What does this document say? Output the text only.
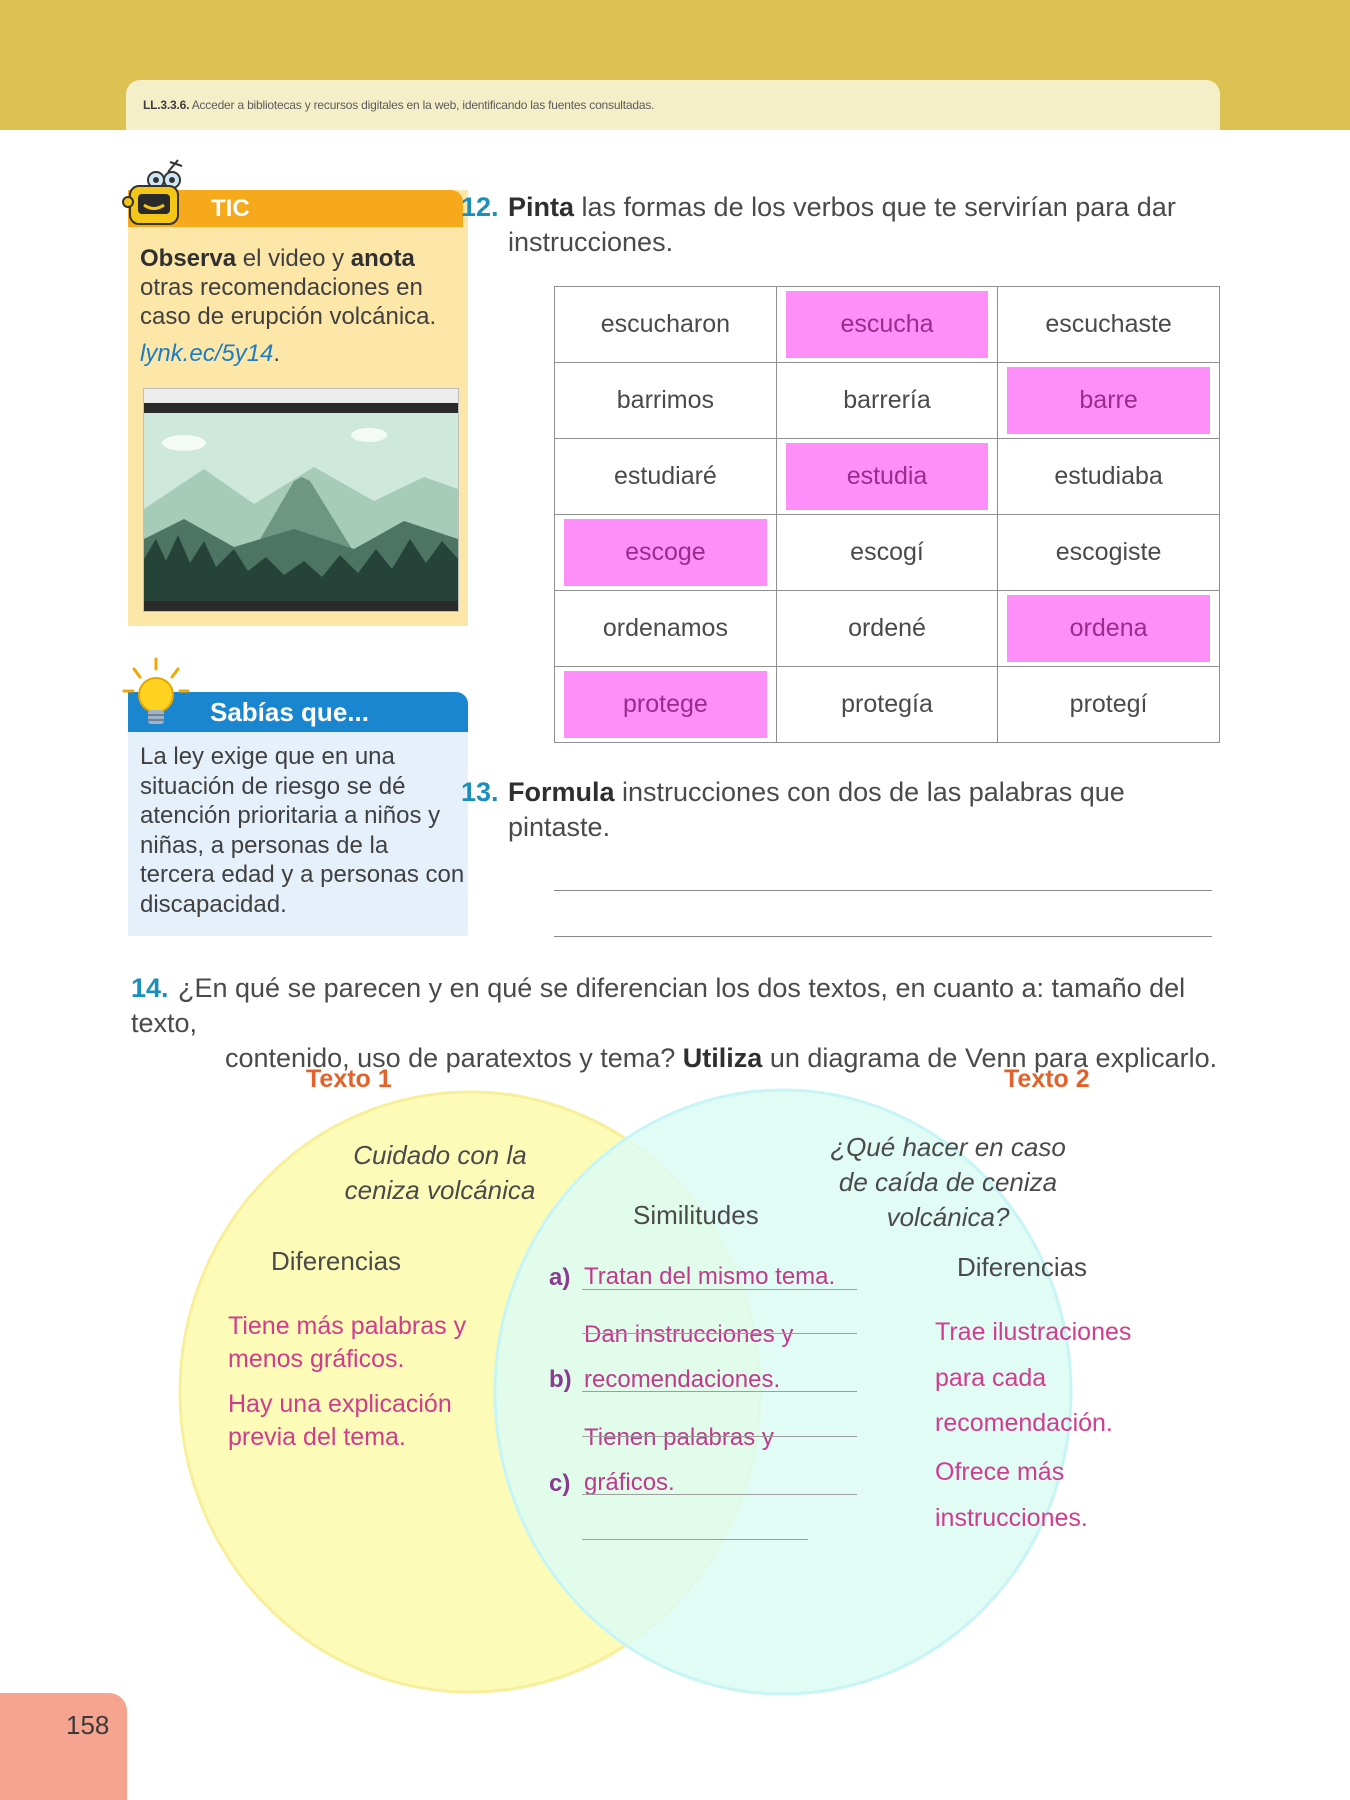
LL.3.3.6. Acceder a bibliotecas y recursos digitales en la web, identificando las fuentes consultadas.
TIC
Observa el video y anota otras recomendaciones en caso de erupción volcánica.
lynk.ec/5y14.
Sabías que...
La ley exige que en una situación de riesgo se dé atención prioritaria a niños y niñas, a personas de la tercera edad y a personas con discapacidad.
12. Pinta las formas de los verbos que te servirían para dar
instrucciones.
escucharon	escucha	escuchaste
barrimos	barrería	barre
estudiaré	estudia	estudiaba

escoge	escogí	escogiste
ordenamos	ordené	ordena

protege	protegía	protegí
13. Formula instrucciones con dos de las palabras que
pintaste.
14. ¿En qué se parecen y en qué se diferencian los dos textos, en cuanto a: tamaño del texto,
contenido, uso de paratextos y tema? Utiliza un diagrama de Venn para explicarlo.
Texto 1	Texto 2
Cuidado con la
ceniza volcánica
¿Qué hacer en caso
de caída de ceniza
volcánica?
Diferencias
Similitudes
Diferencias
Tiene más palabras y
menos gráficos.
Hay una explicación
previa del tema.
Trae ilustraciones
para cada
recomendación.
Ofrece más
instrucciones.
a) Tratan del mismo tema.
Dan instrucciones y
b) recomendaciones.
Tienen palabras y
c) gráficos.
158
